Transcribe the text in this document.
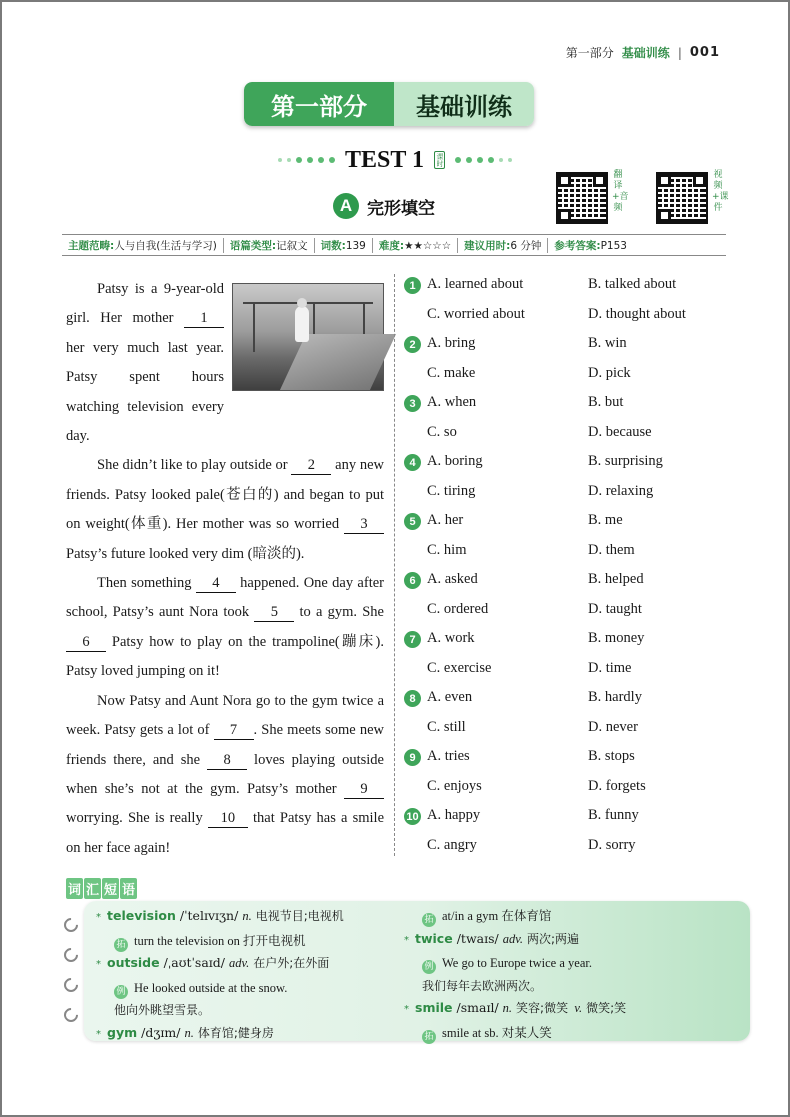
第一部分 基础训练 | 001
第一部分	基础训练
TEST 1 课时
A 完形填空
翻译+音频
视频+课件
主题范畴:人与自我(生活与学习)	语篇类型:记叙文	词数:139	难度:★★☆☆☆	建议用时:6 分钟	参考答案:P153

Patsy is a 9-year-old girl. Her mother 1 her very much last year. Patsy spent hours watching television every day.

She didn’t like to play outside or 2 any new friends. Patsy looked pale(苍白的) and began to put on weight(体重). Her mother was so worried 3 Patsy’s future looked very dim (暗淡的).

Then something 4 happened. One day after school, Patsy’s aunt Nora took 5 to a gym. She 6 Patsy how to play on the trampoline(蹦床). Patsy loved jumping on it!

Now Patsy and Aunt Nora go to the gym twice a week. Patsy gets a lot of 7 . She meets some new friends there, and she 8 loves playing outside when she’s not at the gym. Patsy’s mother 9 worrying. She is really 10 that Patsy has a smile on her face again!

1 A. learned about	B. talked about
C. worried about	D. thought about
2 A. bring	B. win
C. make	D. pick
3 A. when	B. but
C. so	D. because
4 A. boring	B. surprising
C. tiring	D. relaxing
5 A. her	B. me
C. him	D. them
6 A. asked	B. helped
C. ordered	D. taught
7 A. work	B. money
C. exercise	D. time
8 A. even	B. hardly
C. still	D. never
9 A. tries	B. stops
C. enjoys	D. forgets
10 A. happy	B. funny
C. angry	D. sorry
词 汇 短 语
* television /ˈtelɪvɪʒn/ n. 电视节目;电视机
拓 turn the television on 打开电视机
* outside /ˌaʊtˈsaɪd/ adv. 在户外;在外面
例 He looked outside at the snow.
他向外眺望雪景。
* gym /dʒɪm/ n. 体育馆;健身房
拓 at/in a gym 在体育馆
* twice /twaɪs/ adv. 两次;两遍
例 We go to Europe twice a year.
我们每年去欧洲两次。
* smile /smaɪl/ n. 笑容;微笑 v. 微笑;笑
拓 smile at sb. 对某人笑
